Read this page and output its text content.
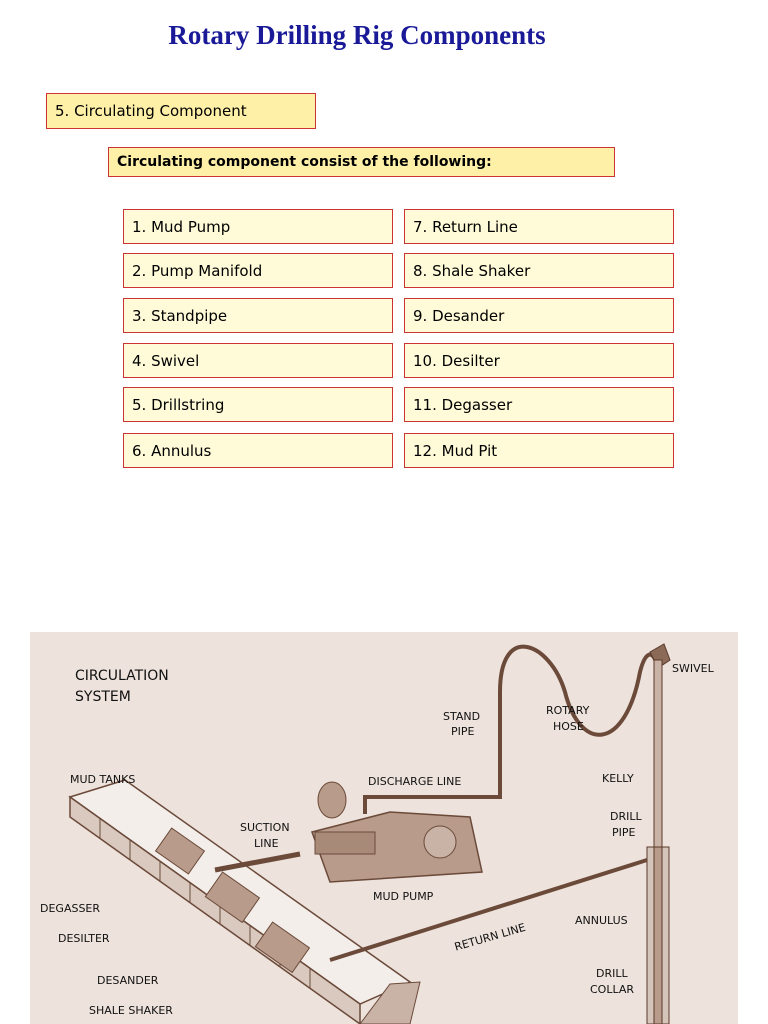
Rotary Drilling Rig Components
5. Circulating Component
Circulating component consist of the following:
1. Mud Pump
2. Pump Manifold
3. Standpipe
4. Swivel
5. Drillstring
6. Annulus
7. Return Line
8. Shale Shaker
9. Desander
10. Desilter
11. Degasser
12. Mud Pit
CIRCULATION
SYSTEM
SWIVEL
STAND
PIPE
ROTARY
HOSE
MUD TANKS	DISCHARGE LINE	KELLY
DRILL
PIPE
SUCTION
LINE
MUD PUMP
DEGASSER
ANNULUS
RETURN LINE
DESILTER
DESANDER
DRILL
COLLAR
SHALE SHAKER
